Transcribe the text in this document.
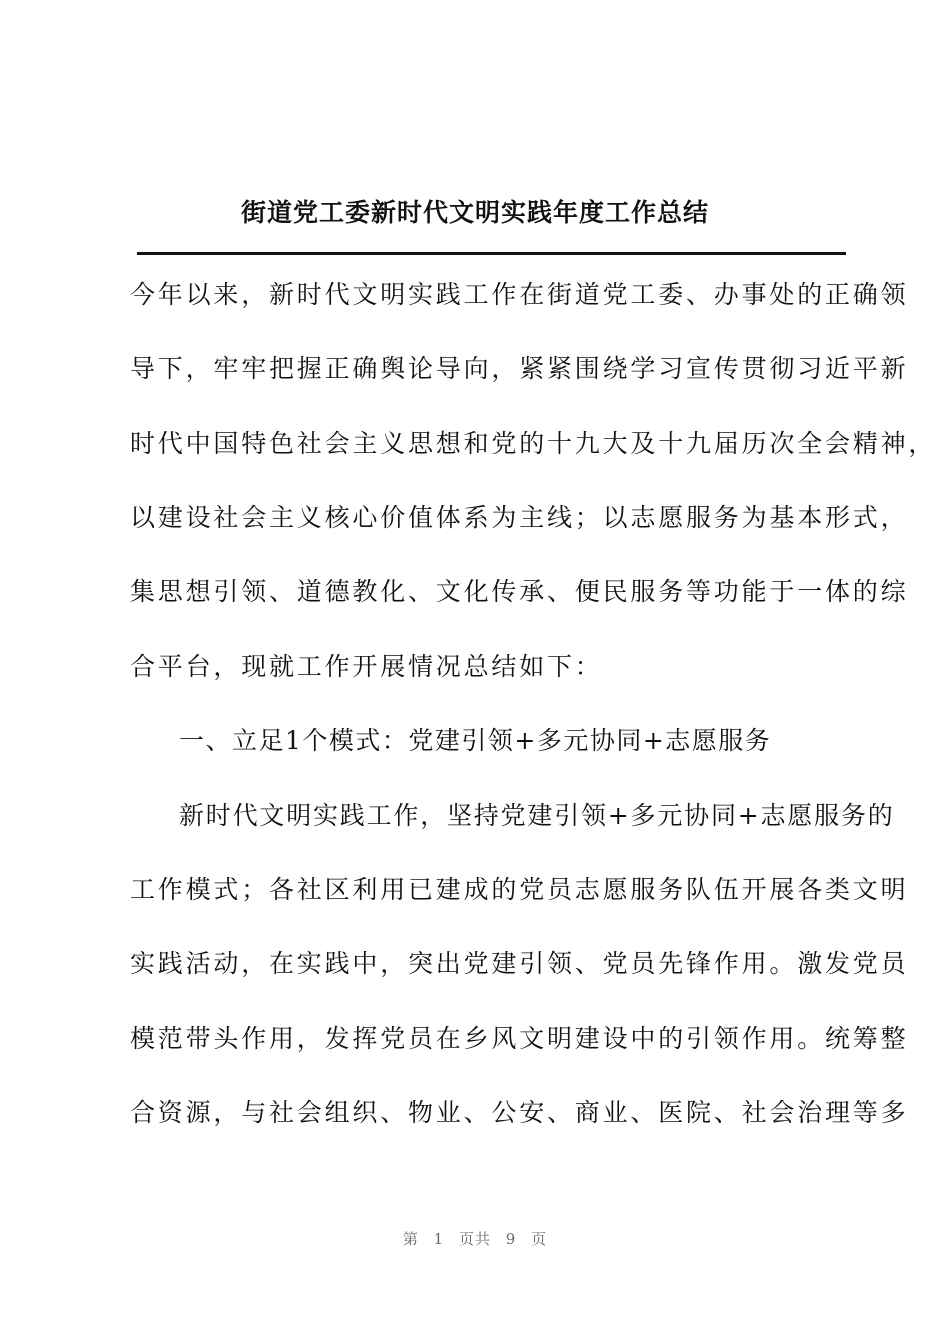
街道党工委新时代文明实践年度工作总结
今年以来，新时代文明实践工作在街道党工委、办事处的正确领
导下，牢牢把握正确舆论导向，紧紧围绕学习宣传贯彻习近平新
时代中国特色社会主义思想和党的十九大及十九届历次全会精神，
以建设社会主义核心价值体系为主线；以志愿服务为基本形式，
集思想引领、道德教化、文化传承、便民服务等功能于一体的综
合平台，现就工作开展情况总结如下：
一、立足1个模式：党建引领+多元协同+志愿服务
新时代文明实践工作，坚持党建引领+多元协同+志愿服务的
工作模式；各社区利用已建成的党员志愿服务队伍开展各类文明
实践活动，在实践中，突出党建引领、党员先锋作用。激发党员
模范带头作用，发挥党员在乡风文明建设中的引领作用。统筹整
合资源，与社会组织、物业、公安、商业、医院、社会治理等多
第 1 页共 9 页
